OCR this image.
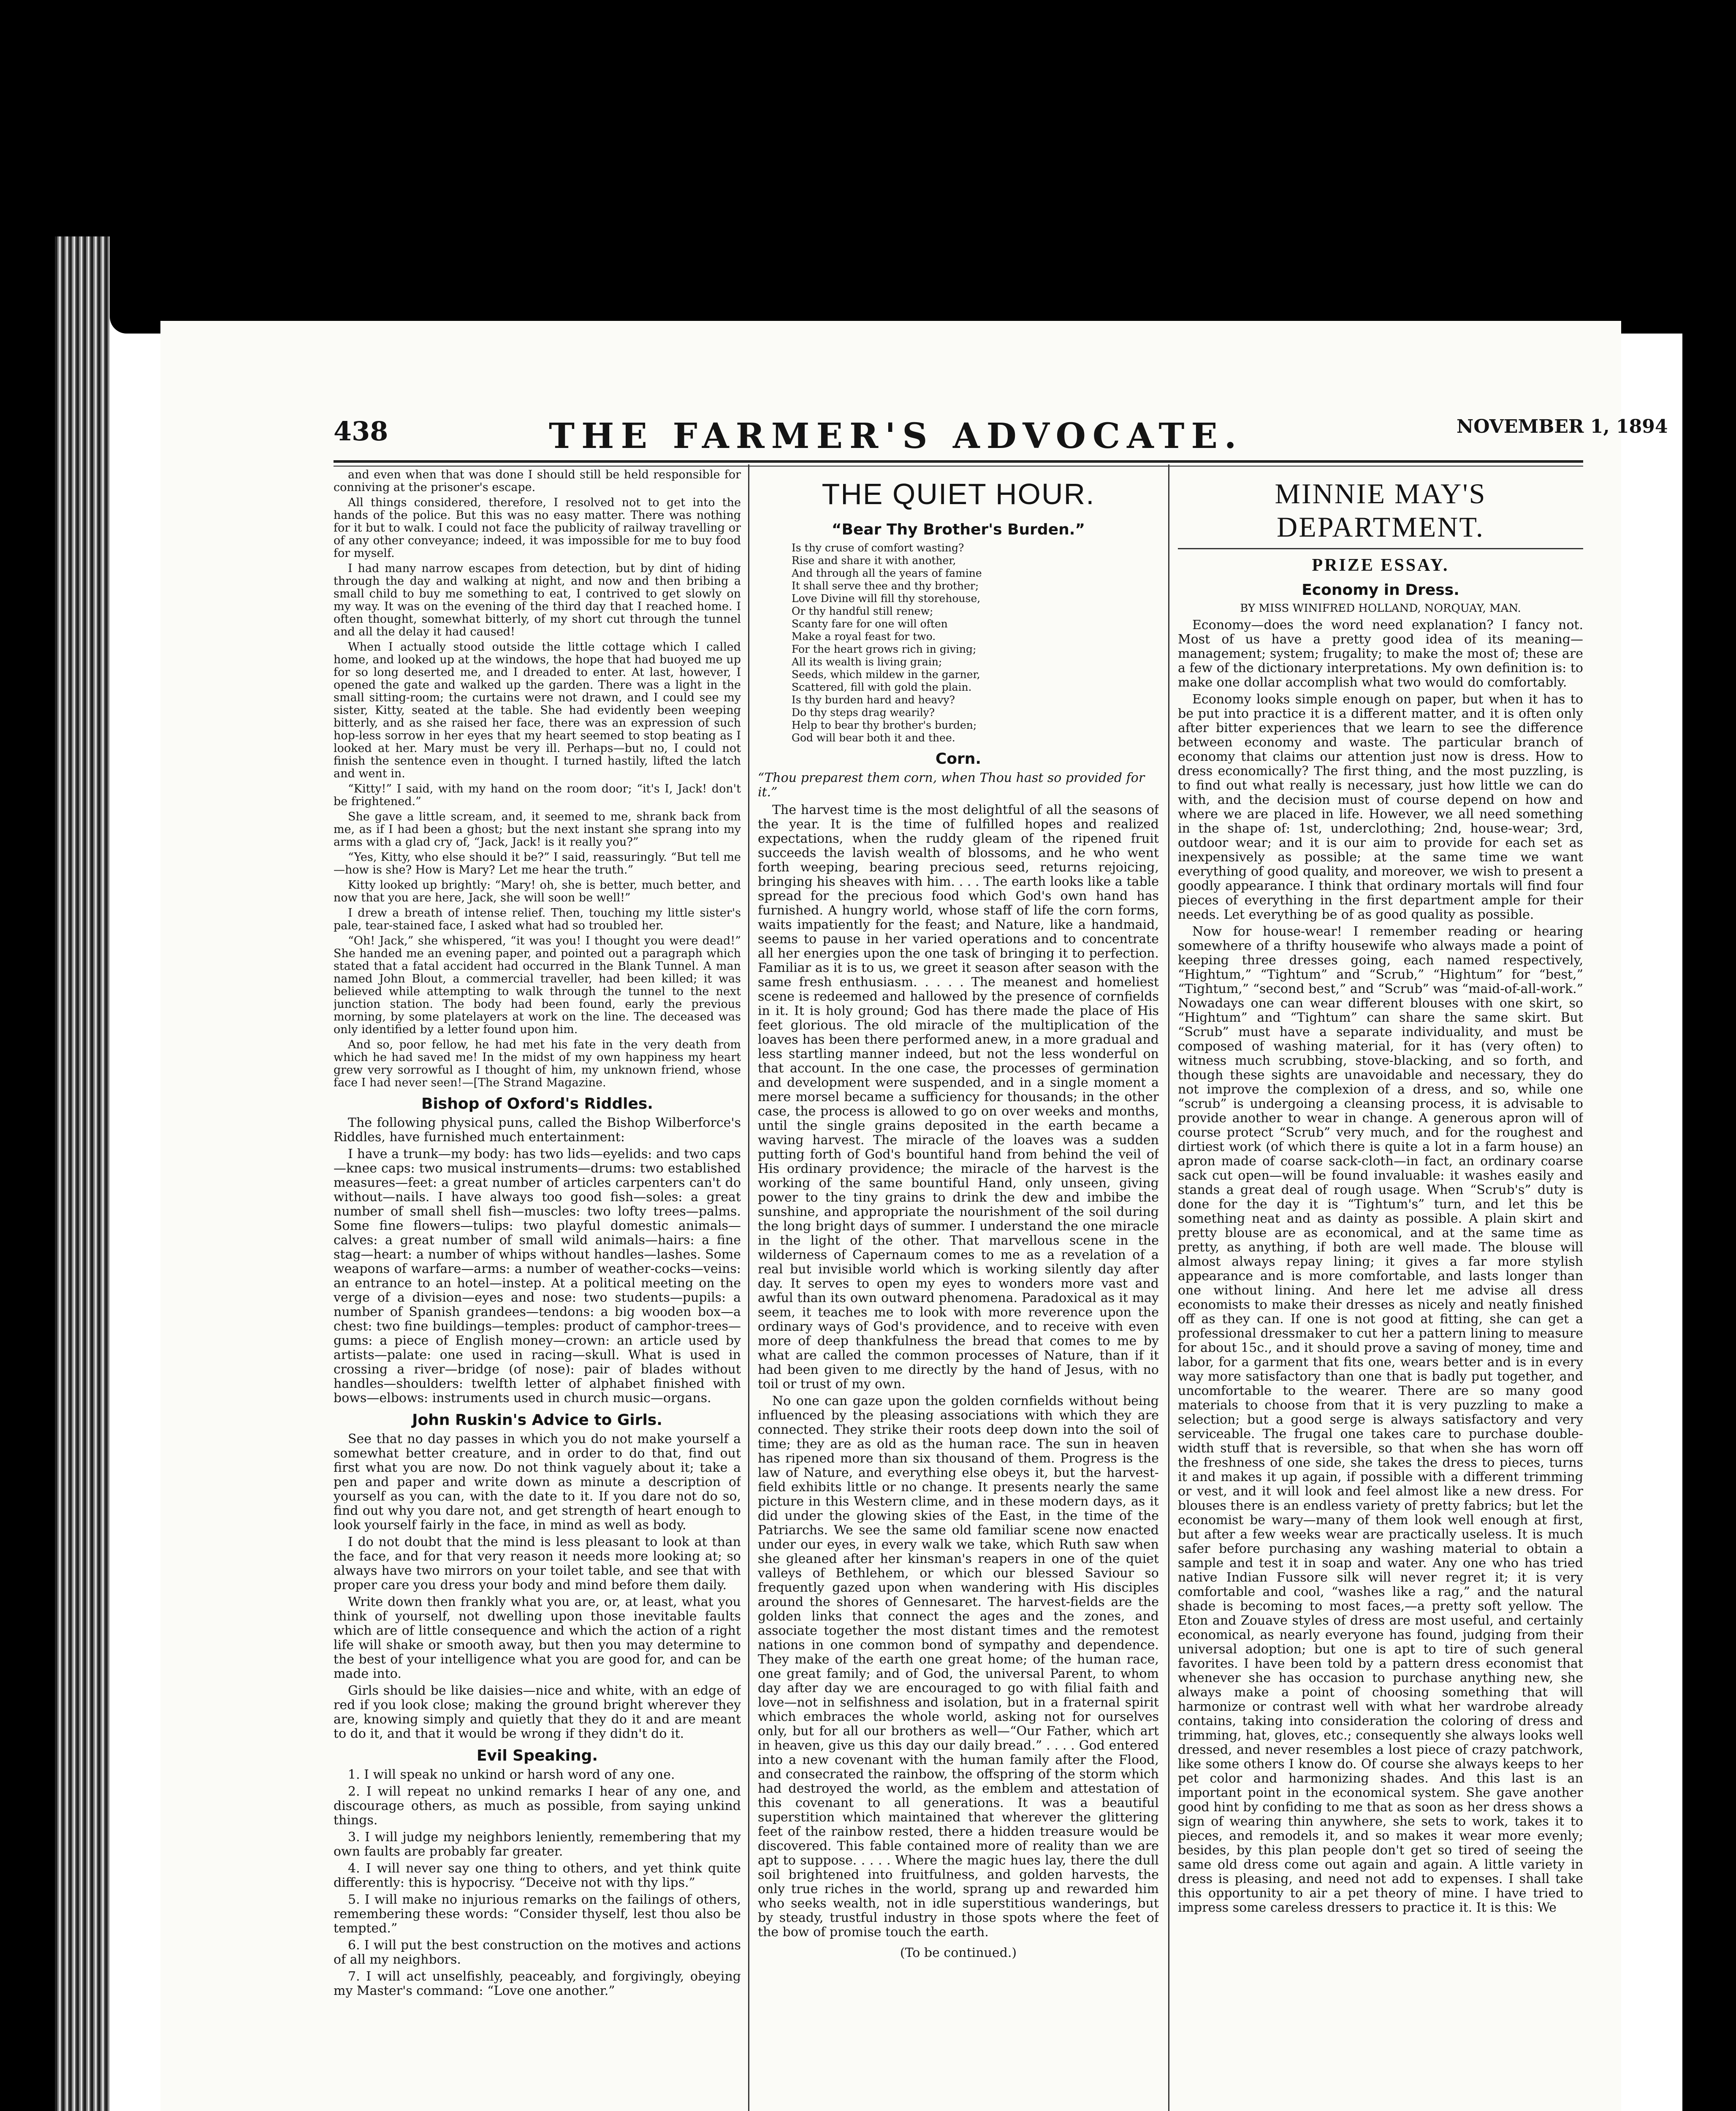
438	THE FARMER'S ADVOCATE.	NOVEMBER 1, 1894

and even when that was done I should still be held responsible for conniving at the prisoner's escape.

All things considered, therefore, I resolved not to get into the hands of the police. But this was no easy matter. There was nothing for it but to walk. I could not face the publicity of railway travelling or of any other conveyance; indeed, it was impossible for me to buy food for myself.

I had many narrow escapes from detection, but by dint of hiding through the day and walking at night, and now and then bribing a small child to buy me something to eat, I contrived to get slowly on my way. It was on the evening of the third day that I reached home. I often thought, somewhat bitterly, of my short cut through the tunnel and all the delay it had caused!

When I actually stood outside the little cottage which I called home, and looked up at the windows, the hope that had buoyed me up for so long deserted me, and I dreaded to enter. At last, however, I opened the gate and walked up the garden. There was a light in the small sitting-room; the curtains were not drawn, and I could see my sister, Kitty, seated at the table. She had evidently been weeping bitterly, and as she raised her face, there was an expression of such hop-less sorrow in her eyes that my heart seemed to stop beating as I looked at her. Mary must be very ill. Perhaps—but no, I could not finish the sentence even in thought. I turned hastily, lifted the latch and went in.

“Kitty!” I said, with my hand on the room door; “it's I, Jack! don't be frightened.”

She gave a little scream, and, it seemed to me, shrank back from me, as if I had been a ghost; but the next instant she sprang into my arms with a glad cry of, “Jack, Jack! is it really you?”

“Yes, Kitty, who else should it be?” I said, reassuringly. “But tell me—how is she? How is Mary? Let me hear the truth.”

Kitty looked up brightly: “Mary! oh, she is better, much better, and now that you are here, Jack, she will soon be well!”

I drew a breath of intense relief. Then, touching my little sister's pale, tear-stained face, I asked what had so troubled her.

“Oh! Jack,” she whispered, “it was you! I thought you were dead!” She handed me an evening paper, and pointed out a paragraph which stated that a fatal accident had occurred in the Blank Tunnel. A man named John Blout, a commercial traveller, had been killed; it was believed while attempting to walk through the tunnel to the next junction station. The body had been found, early the previous morning, by some platelayers at work on the line. The deceased was only identified by a letter found upon him.

And so, poor fellow, he had met his fate in the very death from which he had saved me! In the midst of my own happiness my heart grew very sorrowful as I thought of him, my unknown friend, whose face I had never seen!—[The Strand Magazine.

Bishop of Oxford's Riddles.

The following physical puns, called the Bishop Wilberforce's Riddles, have furnished much entertainment:

I have a trunk—my body: has two lids—eyelids: and two caps—knee caps: two musical instruments—drums: two established measures—feet: a great number of articles carpenters can't do without—nails. I have always too good fish—soles: a great number of small shell fish—muscles: two lofty trees—palms. Some fine flowers—tulips: two playful domestic animals—calves: a great number of small wild animals—hairs: a fine stag—heart: a number of whips without handles—lashes. Some weapons of warfare—arms: a number of weather-cocks—veins: an entrance to an hotel—instep. At a political meeting on the verge of a division—eyes and nose: two students—pupils: a number of Spanish grandees—tendons: a big wooden box—a chest: two fine buildings—temples: product of camphor-trees—gums: a piece of English money—crown: an article used by artists—palate: one used in racing—skull. What is used in crossing a river—bridge (of nose): pair of blades without handles—shoulders: twelfth letter of alphabet finished with bows—elbows: instruments used in church music—organs.

John Ruskin's Advice to Girls.

See that no day passes in which you do not make yourself a somewhat better creature, and in order to do that, find out first what you are now. Do not think vaguely about it; take a pen and paper and write down as minute a description of yourself as you can, with the date to it. If you dare not do so, find out why you dare not, and get strength of heart enough to look yourself fairly in the face, in mind as well as body.

I do not doubt that the mind is less pleasant to look at than the face, and for that very reason it needs more looking at; so always have two mirrors on your toilet table, and see that with proper care you dress your body and mind before them daily.

Write down then frankly what you are, or, at least, what you think of yourself, not dwelling upon those inevitable faults which are of little consequence and which the action of a right life will shake or smooth away, but then you may determine to the best of your intelligence what you are good for, and can be made into.

Girls should be like daisies—nice and white, with an edge of red if you look close; making the ground bright wherever they are, knowing simply and quietly that they do it and are meant to do it, and that it would be wrong if they didn't do it.

Evil Speaking.

1. I will speak no unkind or harsh word of any one.

2. I will repeat no unkind remarks I hear of any one, and discourage others, as much as possible, from saying unkind things.

3. I will judge my neighbors leniently, remembering that my own faults are probably far greater.

4. I will never say one thing to others, and yet think quite differently: this is hypocrisy. “Deceive not with thy lips.”

5. I will make no injurious remarks on the failings of others, remembering these words: “Consider thyself, lest thou also be tempted.”

6. I will put the best construction on the motives and actions of all my neighbors.

7. I will act unselfishly, peaceably, and forgivingly, obeying my Master's command: “Love one another.”

THE QUIET HOUR.
“Bear Thy Brother's Burden.”
Is thy cruse of comfort wasting?
Rise and share it with another,
And through all the years of famine
It shall serve thee and thy brother;
Love Divine will fill thy storehouse,
Or thy handful still renew;
Scanty fare for one will often
Make a royal feast for two.
For the heart grows rich in giving;
All its wealth is living grain;
Seeds, which mildew in the garner,
Scattered, fill with gold the plain.
Is thy burden hard and heavy?
Do thy steps drag wearily?
Help to bear thy brother's burden;
God will bear both it and thee.
Corn.
“Thou preparest them corn, when Thou hast so provided for it.”

The harvest time is the most delightful of all the seasons of the year. It is the time of fulfilled hopes and realized expectations, when the ruddy gleam of the ripened fruit succeeds the lavish wealth of blossoms, and he who went forth weeping, bearing precious seed, returns rejoicing, bringing his sheaves with him. . . . The earth looks like a table spread for the precious food which God's own hand has furnished. A hungry world, whose staff of life the corn forms, waits impatiently for the feast; and Nature, like a handmaid, seems to pause in her varied operations and to concentrate all her energies upon the one task of bringing it to perfection. Familiar as it is to us, we greet it season after season with the same fresh enthusiasm. . . . . The meanest and homeliest scene is redeemed and hallowed by the presence of cornfields in it. It is holy ground; God has there made the place of His feet glorious. The old miracle of the multiplication of the loaves has been there performed anew, in a more gradual and less startling manner indeed, but not the less wonderful on that account. In the one case, the processes of germination and development were suspended, and in a single moment a mere morsel became a sufficiency for thousands; in the other case, the process is allowed to go on over weeks and months, until the single grains deposited in the earth became a waving harvest. The miracle of the loaves was a sudden putting forth of God's bountiful hand from behind the veil of His ordinary providence; the miracle of the harvest is the working of the same bountiful Hand, only unseen, giving power to the tiny grains to drink the dew and imbibe the sunshine, and appropriate the nourishment of the soil during the long bright days of summer. I understand the one miracle in the light of the other. That marvellous scene in the wilderness of Capernaum comes to me as a revelation of a real but invisible world which is working silently day after day. It serves to open my eyes to wonders more vast and awful than its own outward phenomena. Paradoxical as it may seem, it teaches me to look with more reverence upon the ordinary ways of God's providence, and to receive with even more of deep thankfulness the bread that comes to me by what are called the common processes of Nature, than if it had been given to me directly by the hand of Jesus, with no toil or trust of my own.

No one can gaze upon the golden cornfields without being influenced by the pleasing associations with which they are connected. They strike their roots deep down into the soil of time; they are as old as the human race. The sun in heaven has ripened more than six thousand of them. Progress is the law of Nature, and everything else obeys it, but the harvest-field exhibits little or no change. It presents nearly the same picture in this Western clime, and in these modern days, as it did under the glowing skies of the East, in the time of the Patriarchs. We see the same old familiar scene now enacted under our eyes, in every walk we take, which Ruth saw when she gleaned after her kinsman's reapers in one of the quiet valleys of Bethlehem, or which our blessed Saviour so frequently gazed upon when wandering with His disciples around the shores of Gennesaret. The harvest-fields are the golden links that connect the ages and the zones, and associate together the most distant times and the remotest nations in one common bond of sympathy and dependence. They make of the earth one great home; of the human race, one great family; and of God, the universal Parent, to whom day after day we are encouraged to go with filial faith and love—not in selfishness and isolation, but in a fraternal spirit which embraces the whole world, asking not for ourselves only, but for all our brothers as well—“Our Father, which art in heaven, give us this day our daily bread.” . . . . God entered into a new covenant with the human family after the Flood, and consecrated the rainbow, the offspring of the storm which had destroyed the world, as the emblem and attestation of this covenant to all generations. It was a beautiful superstition which maintained that wherever the glittering feet of the rainbow rested, there a hidden treasure would be discovered. This fable contained more of reality than we are apt to suppose. . . . . Where the magic hues lay, there the dull soil brightened into fruitfulness, and golden harvests, the only true riches in the world, sprang up and rewarded him who seeks wealth, not in idle superstitious wanderings, but by steady, trustful industry in those spots where the feet of the bow of promise touch the earth.

(To be continued.)
MINNIE MAY'S DEPARTMENT.
PRIZE ESSAY.
Economy in Dress.
BY MISS WINIFRED HOLLAND, NORQUAY, MAN.

Economy—does the word need explanation? I fancy not. Most of us have a pretty good idea of its meaning—management; system; frugality; to make the most of; these are a few of the dictionary interpretations. My own definition is: to make one dollar accomplish what two would do comfortably.

Economy looks simple enough on paper, but when it has to be put into practice it is a different matter, and it is often only after bitter experiences that we learn to see the difference between economy and waste. The particular branch of economy that claims our attention just now is dress. How to dress economically? The first thing, and the most puzzling, is to find out what really is necessary, just how little we can do with, and the decision must of course depend on how and where we are placed in life. However, we all need something in the shape of: 1st, underclothing; 2nd, house-wear; 3rd, outdoor wear; and it is our aim to provide for each set as inexpensively as possible; at the same time we want everything of good quality, and moreover, we wish to present a goodly appearance. I think that ordinary mortals will find four pieces of everything in the first department ample for their needs. Let everything be of as good quality as possible.

Now for house-wear! I remember reading or hearing somewhere of a thrifty housewife who always made a point of keeping three dresses going, each named respectively, “Hightum,” “Tightum” and “Scrub,” “Hightum” for “best,” “Tightum,” “second best,” and “Scrub” was “maid-of-all-work.” Nowadays one can wear different blouses with one skirt, so “Hightum” and “Tightum” can share the same skirt. But “Scrub” must have a separate individuality, and must be composed of washing material, for it has (very often) to witness much scrubbing, stove-blacking, and so forth, and though these sights are unavoidable and necessary, they do not improve the complexion of a dress, and so, while one “scrub” is undergoing a cleansing process, it is advisable to provide another to wear in change. A generous apron will of course protect “Scrub” very much, and for the roughest and dirtiest work (of which there is quite a lot in a farm house) an apron made of coarse sack-cloth—in fact, an ordinary coarse sack cut open—will be found invaluable: it washes easily and stands a great deal of rough usage. When “Scrub's” duty is done for the day it is “Tightum's” turn, and let this be something neat and as dainty as possible. A plain skirt and pretty blouse are as economical, and at the same time as pretty, as anything, if both are well made. The blouse will almost always repay lining; it gives a far more stylish appearance and is more comfortable, and lasts longer than one without lining. And here let me advise all dress economists to make their dresses as nicely and neatly finished off as they can. If one is not good at fitting, she can get a professional dressmaker to cut her a pattern lining to measure for about 15c., and it should prove a saving of money, time and labor, for a garment that fits one, wears better and is in every way more satisfactory than one that is badly put together, and uncomfortable to the wearer. There are so many good materials to choose from that it is very puzzling to make a selection; but a good serge is always satisfactory and very serviceable. The frugal one takes care to purchase double-width stuff that is reversible, so that when she has worn off the freshness of one side, she takes the dress to pieces, turns it and makes it up again, if possible with a different trimming or vest, and it will look and feel almost like a new dress. For blouses there is an endless variety of pretty fabrics; but let the economist be wary—many of them look well enough at first, but after a few weeks wear are practically useless. It is much safer before purchasing any washing material to obtain a sample and test it in soap and water. Any one who has tried native Indian Fussore silk will never regret it; it is very comfortable and cool, “washes like a rag,” and the natural shade is becoming to most faces,—a pretty soft yellow. The Eton and Zouave styles of dress are most useful, and certainly economical, as nearly everyone has found, judging from their universal adoption; but one is apt to tire of such general favorites. I have been told by a pattern dress economist that whenever she has occasion to purchase anything new, she always make a point of choosing something that will harmonize or contrast well with what her wardrobe already contains, taking into consideration the coloring of dress and trimming, hat, gloves, etc.; consequently she always looks well dressed, and never resembles a lost piece of crazy patchwork, like some others I know do. Of course she always keeps to her pet color and harmonizing shades. And this last is an important point in the economical system. She gave another good hint by confiding to me that as soon as her dress shows a sign of wearing thin anywhere, she sets to work, takes it to pieces, and remodels it, and so makes it wear more evenly; besides, by this plan people don't get so tired of seeing the same old dress come out again and again. A little variety in dress is pleasing, and need not add to expenses. I shall take this opportunity to air a pet theory of mine. I have tried to impress some careless dressers to practice it. It is this: We
